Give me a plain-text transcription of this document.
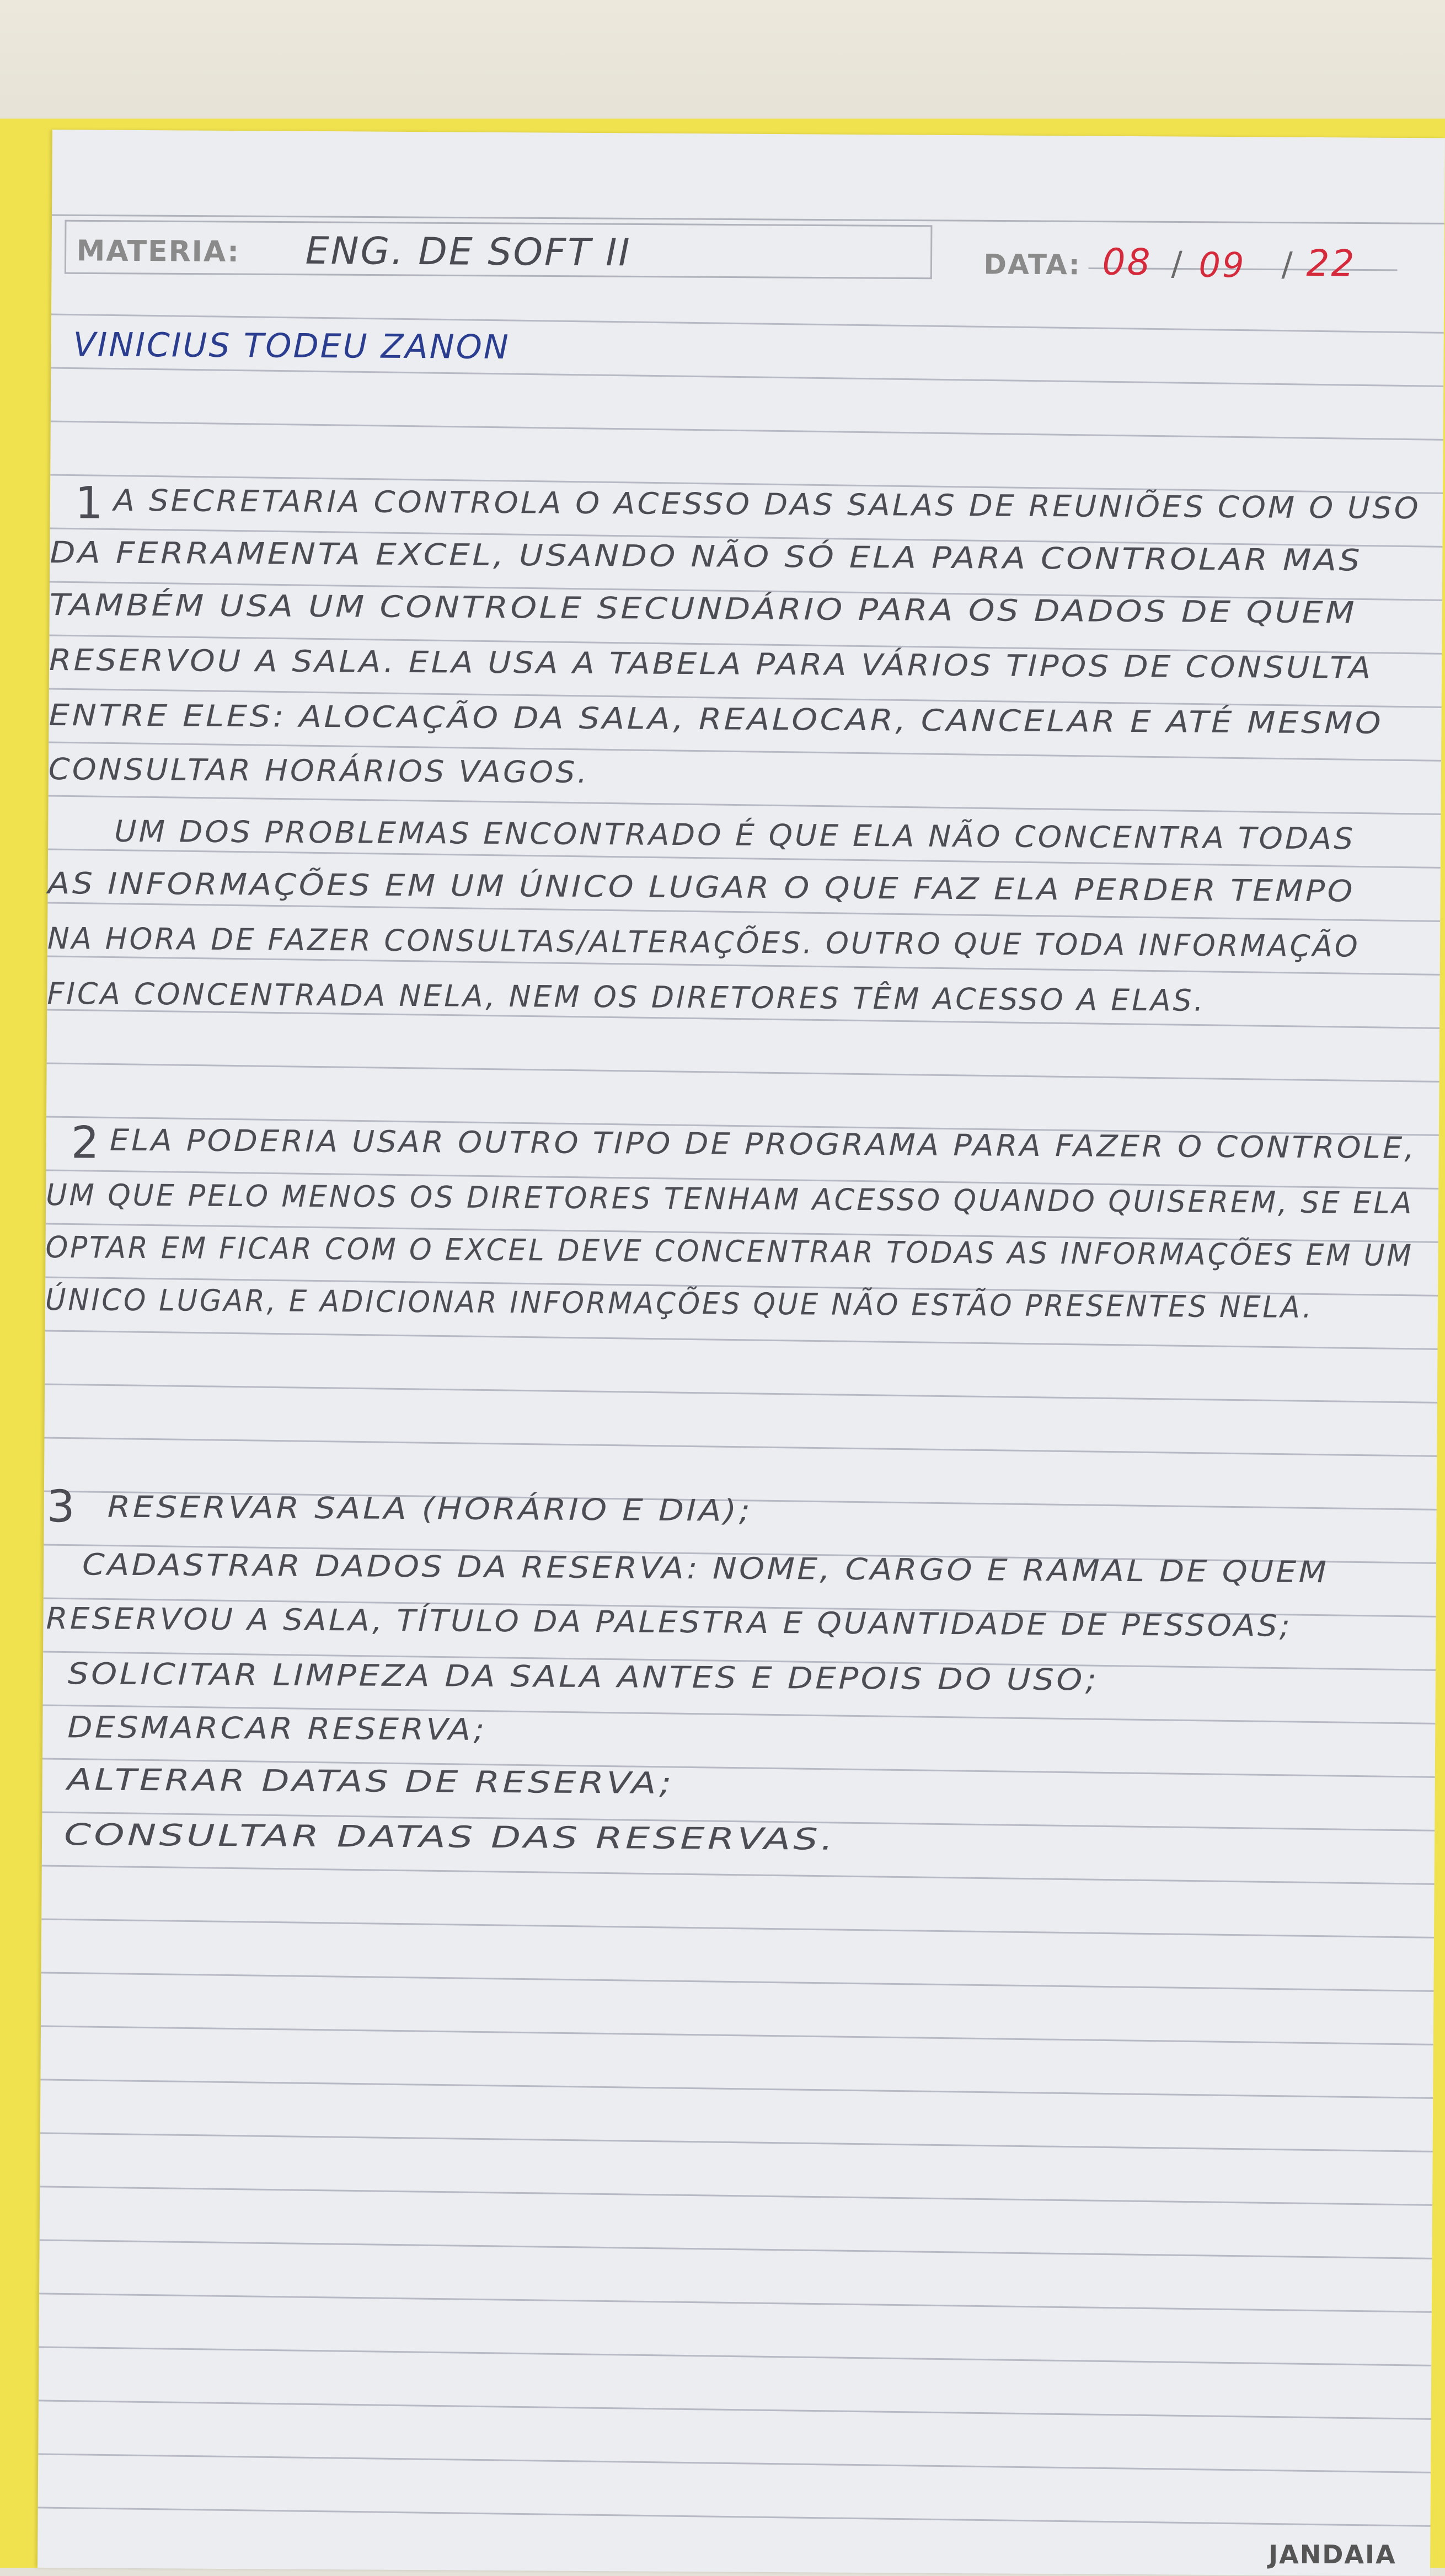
MATERIA: ENG. DE SOFT II	DATA: 08 / 09 / 22
VINICIUS TODEU ZANON
1 A SECRETARIA CONTROLA O ACESSO DAS SALAS DE REUNIÕES COM O USO
DA FERRAMENTA EXCEL, USANDO NÃO SÓ ELA PARA CONTROLAR MAS
TAMBÉM USA UM CONTROLE SECUNDÁRIO PARA OS DADOS DE QUEM
RESERVOU A SALA. ELA USA A TABELA PARA VÁRIOS TIPOS DE CONSULTA
ENTRE ELES: ALOCAÇÃO DA SALA, REALOCAR, CANCELAR E ATÉ MESMO
CONSULTAR HORÁRIOS VAGOS.
UM DOS PROBLEMAS ENCONTRADO É QUE ELA NÃO CONCENTRA TODAS
AS INFORMAÇÕES EM UM ÚNICO LUGAR O QUE FAZ ELA PERDER TEMPO
NA HORA DE FAZER CONSULTAS/ALTERAÇÕES. OUTRO QUE TODA INFORMAÇÃO
FICA CONCENTRADA NELA, NEM OS DIRETORES TÊM ACESSO A ELAS.
2 ELA PODERIA USAR OUTRO TIPO DE PROGRAMA PARA FAZER O CONTROLE,
UM QUE PELO MENOS OS DIRETORES TENHAM ACESSO QUANDO QUISEREM, SE ELA
OPTAR EM FICAR COM O EXCEL DEVE CONCENTRAR TODAS AS INFORMAÇÕES EM UM
ÚNICO LUGAR, E ADICIONAR INFORMAÇÕES QUE NÃO ESTÃO PRESENTES NELA.
3 RESERVAR SALA (HORÁRIO E DIA);
CADASTRAR DADOS DA RESERVA: NOME, CARGO E RAMAL DE QUEM
RESERVOU A SALA, TÍTULO DA PALESTRA E QUANTIDADE DE PESSOAS;
SOLICITAR LIMPEZA DA SALA ANTES E DEPOIS DO USO;
DESMARCAR RESERVA;
ALTERAR DATAS DE RESERVA;
CONSULTAR DATAS DAS RESERVAS.
JANDAIA
